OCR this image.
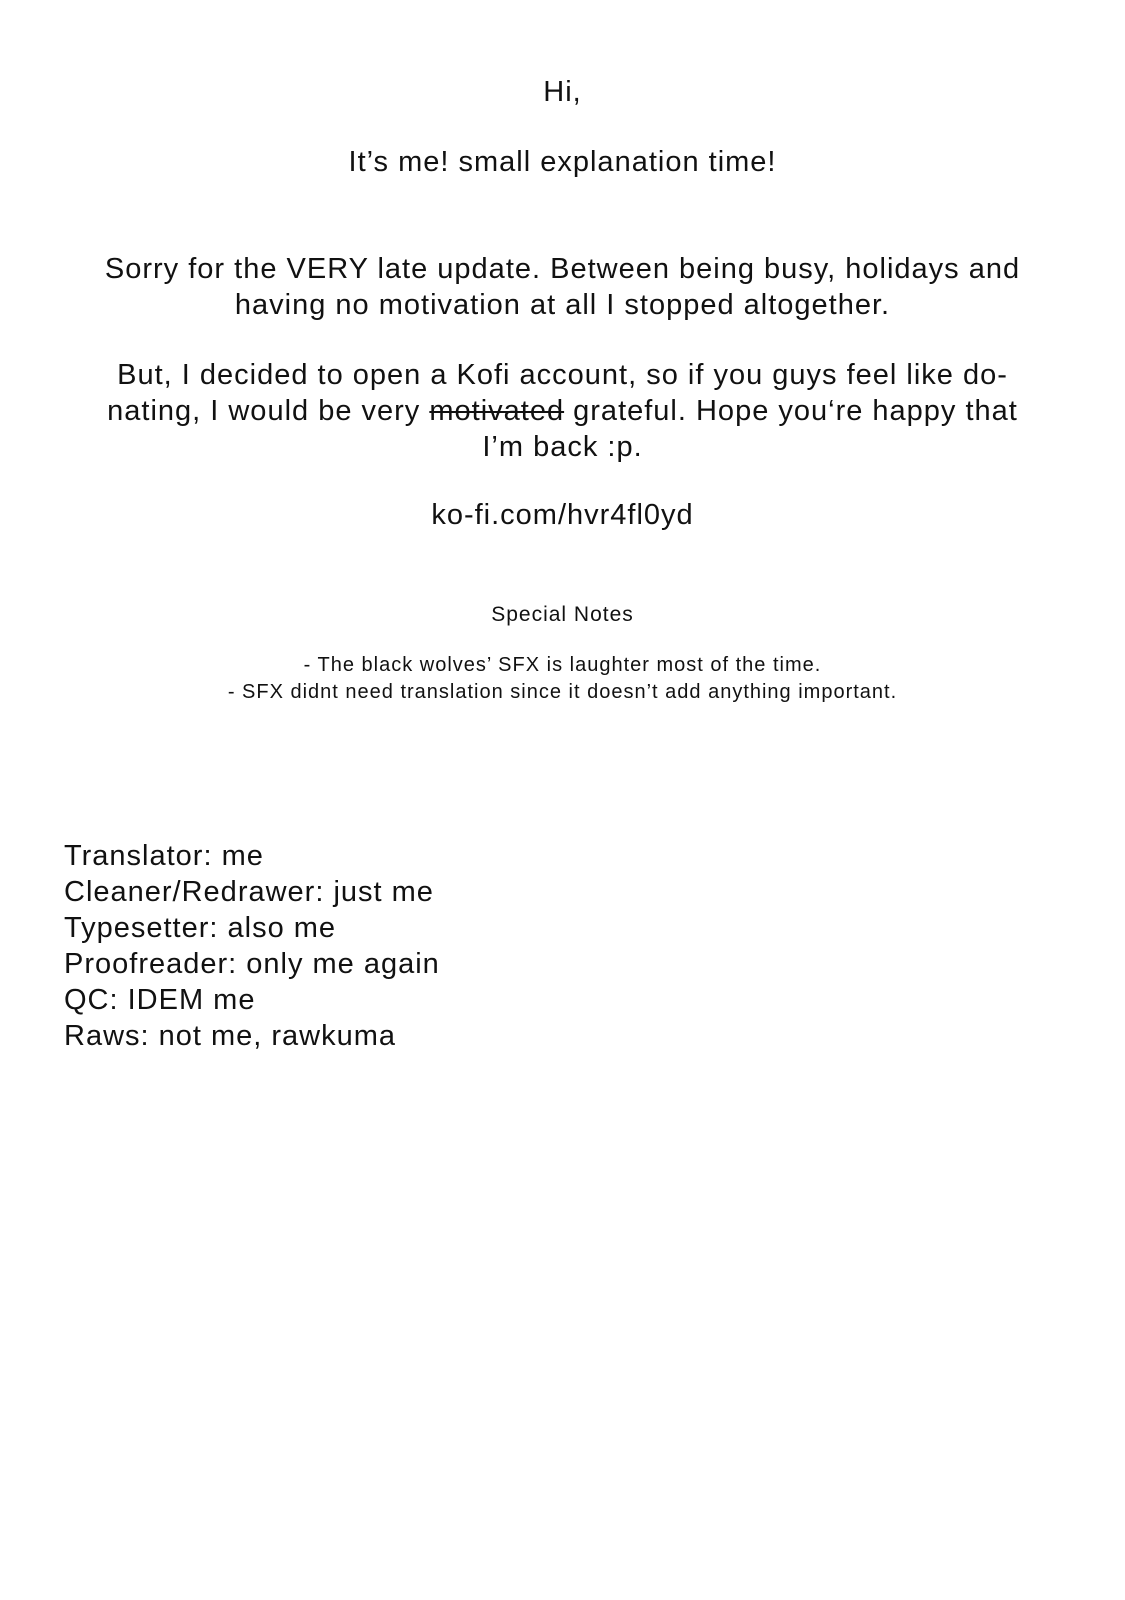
Hi,
It’s me! small explanation time!
Sorry for the VERY late update. Between being busy, holidays and
having no motivation at all I stopped altogether.
But, I decided to open a Kofi account, so if you guys feel like do-
nating, I would be very motivated grateful. Hope you‘re happy that
I’m back :p.
ko-fi.com/hvr4fl0yd
Special Notes
- The black wolves’ SFX is laughter most of the time.
- SFX didnt need translation since it doesn’t add anything important.
Translator: me
Cleaner/Redrawer: just me
Typesetter: also me
Proofreader: only me again
QC: IDEM me
Raws: not me, rawkuma
